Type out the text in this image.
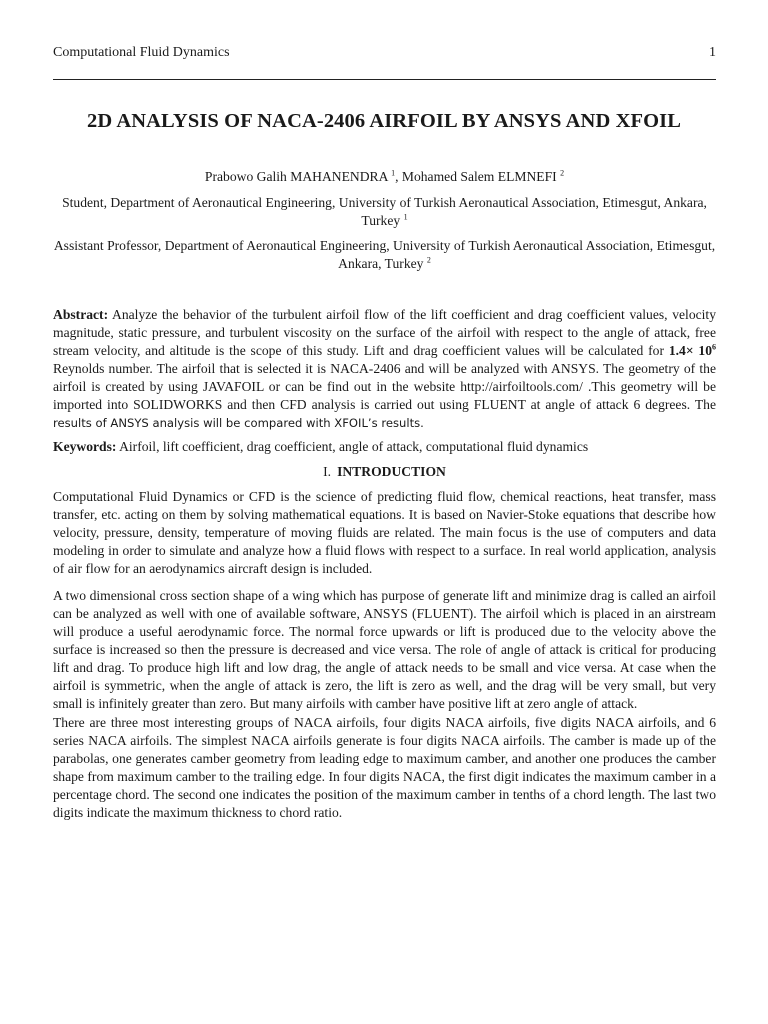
Computational Fluid Dynamics	1
2D ANALYSIS OF NACA-2406 AIRFOIL BY ANSYS AND XFOIL
Prabowo Galih MAHANENDRA $^1$, Mohamed Salem ELMNEFI $^2$
Student, Department of Aeronautical Engineering, University of Turkish Aeronautical Association, Etimesgut, Ankara, Turkey $^1$
Assistant Professor, Department of Aeronautical Engineering, University of Turkish Aeronautical Association, Etimesgut, Ankara, Turkey $^2$
Abstract: Analyze the behavior of the turbulent airfoil flow of the lift coefficient and drag coefficient values, velocity magnitude, static pressure, and turbulent viscosity on the surface of the airfoil with respect to the angle of attack, free stream velocity, and altitude is the scope of this study. Lift and drag coefficient values will be calculated for $1.4\times 10^6$ Reynolds number. The airfoil that is selected it is NACA-2406 and will be analyzed with ANSYS. The geometry of the airfoil is created by using JAVAFOIL or can be find out in the website http://airfoiltools.com/ .This geometry will be imported into SOLIDWORKS and then CFD analysis is carried out using FLUENT at angle of attack 6 degrees. The results of ANSYS analysis will be compared with XFOIL’s results.
Keywords: Airfoil, lift coefficient, drag coefficient, angle of attack, computational fluid dynamics
I. INTRODUCTION
Computational Fluid Dynamics or CFD is the science of predicting fluid flow, chemical reactions, heat transfer, mass transfer, etc. acting on them by solving mathematical equations. It is based on Navier-Stoke equations that describe how velocity, pressure, density, temperature of moving fluids are related. The main focus is the use of computers and data modeling in order to simulate and analyze how a fluid flows with respect to a surface. In real world application, analysis of air flow for an aerodynamics aircraft design is included.
A two dimensional cross section shape of a wing which has purpose of generate lift and minimize drag is called an airfoil can be analyzed as well with one of available software, ANSYS (FLUENT). The airfoil which is placed in an airstream will produce a useful aerodynamic force. The normal force upwards or lift is produced due to the velocity above the surface is increased so then the pressure is decreased and vice versa. The role of angle of attack is critical for producing lift and drag. To produce high lift and low drag, the angle of attack needs to be small and vice versa. At case when the airfoil is symmetric, when the angle of attack is zero, the lift is zero as well, and the drag will be very small, but very small is infinitely greater than zero. But many airfoils with camber have positive lift at zero angle of attack.
There are three most interesting groups of NACA airfoils, four digits NACA airfoils, five digits NACA airfoils, and 6 series NACA airfoils. The simplest NACA airfoils generate is four digits NACA airfoils. The camber is made up of the parabolas, one generates camber geometry from leading edge to maximum camber, and another one produces the camber shape from maximum camber to the trailing edge. In four digits NACA, the first digit indicates the maximum camber in a percentage chord. The second one indicates the position of the maximum camber in tenths of a chord length. The last two digits indicate the maximum thickness to chord ratio.
